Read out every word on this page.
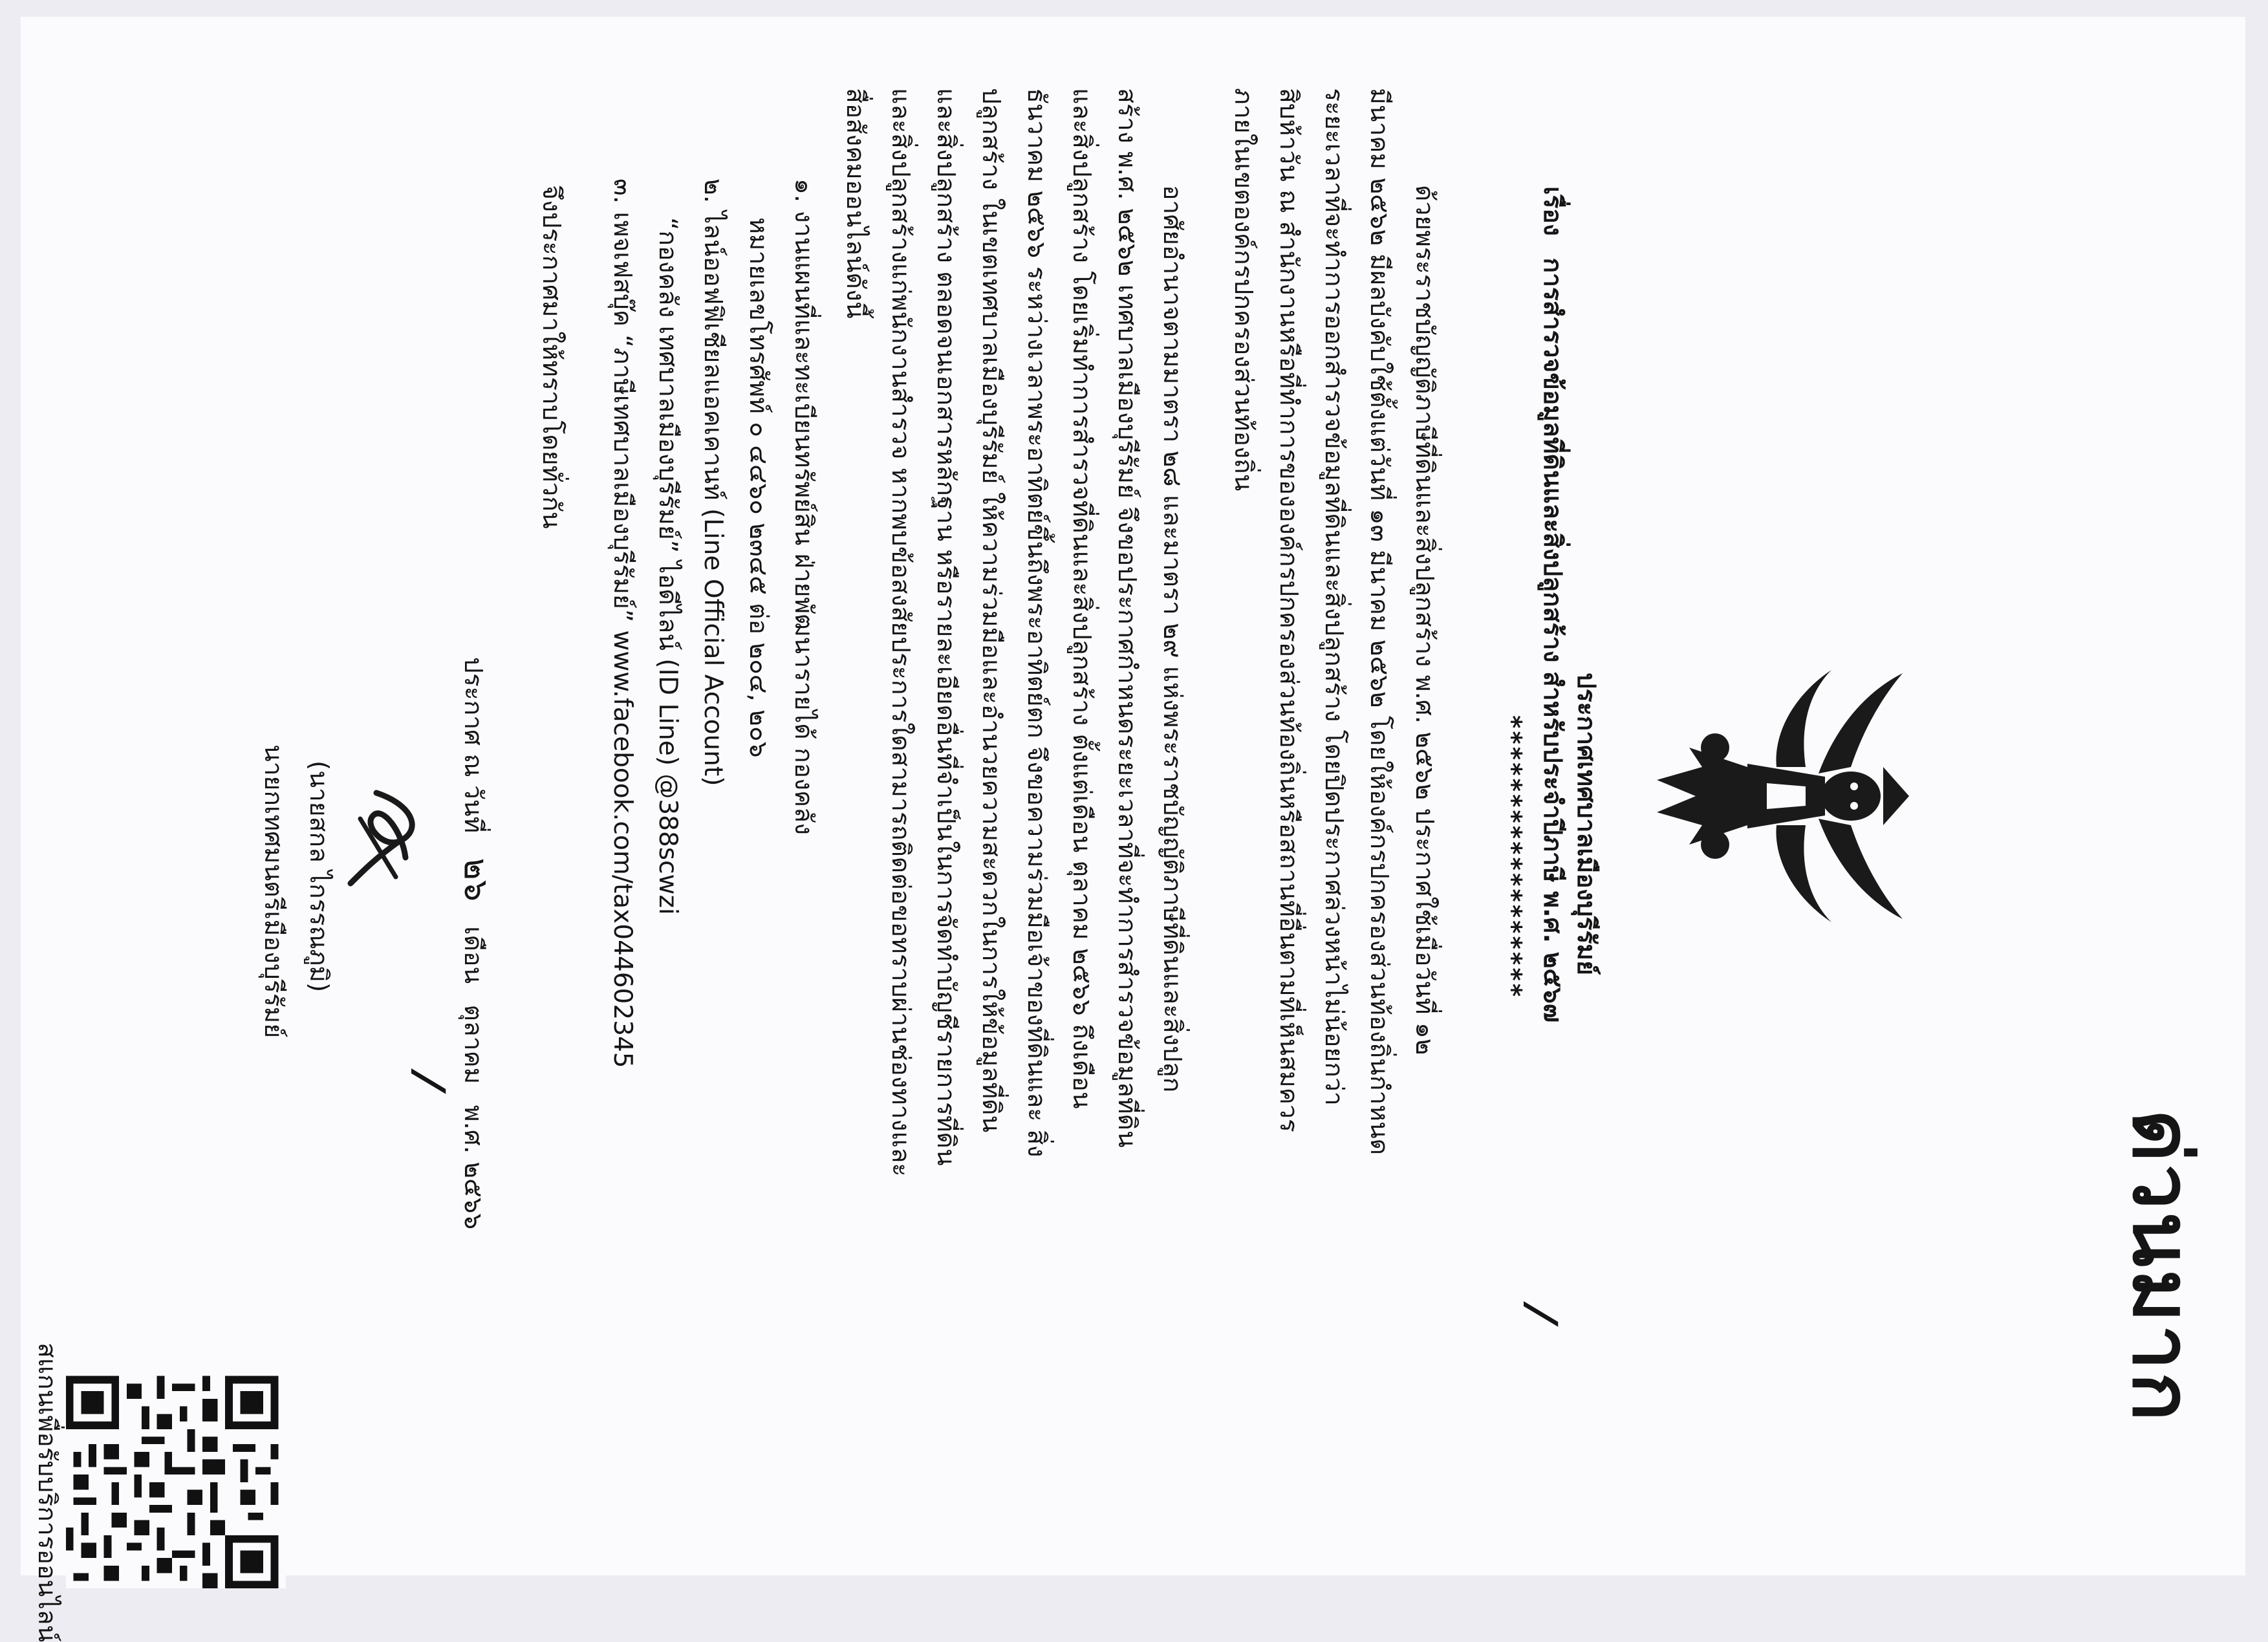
ด่วนมาก
⁄
⁄
ประกาศเทศบาลเมืองบุรีรัมย์
เรื่อง การสำรวจข้อมูลที่ดินและสิ่งปลูกสร้าง สำหรับประจำปีภาษี พ.ศ. ๒๕๖๗
******************
ด้วยพระราชบัญญัติภาษีที่ดินและสิ่งปลูกสร้าง พ.ศ. ๒๕๖๒ ประกาศใช้เมื่อวันที่ ๑๒
มีนาคม ๒๕๖๒ มีผลบังคับใช้ตั้งแต่วันที่ ๑๓ มีนาคม ๒๕๖๒ โดยให้องค์กรปกครองส่วนท้องถิ่นกำหนด
ระยะเวลาที่จะทำการออกสำรวจข้อมูลที่ดินและสิ่งปลูกสร้าง โดยปิดประกาศล่วงหน้าไม่น้อยกว่า
สิบห้าวัน ณ สำนักงานหรือที่ทำการขององค์กรปกครองส่วนท้องถิ่นหรือสถานที่อื่นตามที่เห็นสมควร
ภายในเขตองค์กรปกครองส่วนท้องถิ่น
อาศัยอำนาจตามมาตรา ๒๘ และมาตรา ๒๙ แห่งพระราชบัญญัติภาษีที่ดินและสิ่งปลูก
สร้าง พ.ศ. ๒๕๖๒ เทศบาลเมืองบุรีรัมย์ จึงขอประกาศกำหนดระยะเวลาที่จะทำการสำรวจข้อมูลที่ดิน
และสิ่งปลูกสร้าง โดยเริ่มทำการสำรวจที่ดินและสิ่งปลูกสร้าง ตั้งแต่เดือน ตุลาคม ๒๕๖๖ ถึงเดือน
ธันวาคม ๒๕๖๖ ระหว่างเวลาพระอาทิตย์ขึ้นถึงพระอาทิตย์ตก จึงขอความร่วมมือเจ้าของที่ดินและ สิ่ง
ปลูกสร้าง ในเขตเทศบาลเมืองบุรีรัมย์ ให้ความร่วมมือและอำนวยความสะดวกในการให้ข้อมูลที่ดิน
และสิ่งปลูกสร้าง ตลอดจนเอกสารหลักฐาน หรือรายละเอียดอื่นที่จำเป็นในการจัดทำบัญชีรายการที่ดิน
และสิ่งปลูกสร้างแก่พนักงานสำรวจ หากพบข้อสงสัยประการใดสามารถติดต่อขอทราบผ่านช่องทางและ
สื่อสังคมออนไลน์ดังนี้
๑. งานแผนที่และทะเบียนทรัพย์สิน ฝ่ายพัฒนารายได้ กองคลัง
หมายเลขโทรศัพท์ ๐ ๔๔๖๐ ๒๓๔๕ ต่อ ๒๐๔, ๒๐๖
๒. ไลน์ออฟฟิเชียลแอคเคานท์ (Line Official Account)
“กองคลัง เทศบาลเมืองบุรีรัมย์” ไอดีไลน์ (ID Line) @388scwzi
๓. เพจเฟสบุ๊ค “ภาษีเทศบาลเมืองบุรีรัมย์” www.facebook.com/tax044602345
จึงประกาศมาให้ทราบโดยทั่วกัน
ประกาศ ณ วันที่ ๒๖ เดือน ตุลาคม พ.ศ. ๒๕๖๖
(นายสกล ไกรรณภูมิ)
นายกเทศมนตรีเมืองบุรีรัมย์
สแกนเพื่อรับบริการออนไลน์
